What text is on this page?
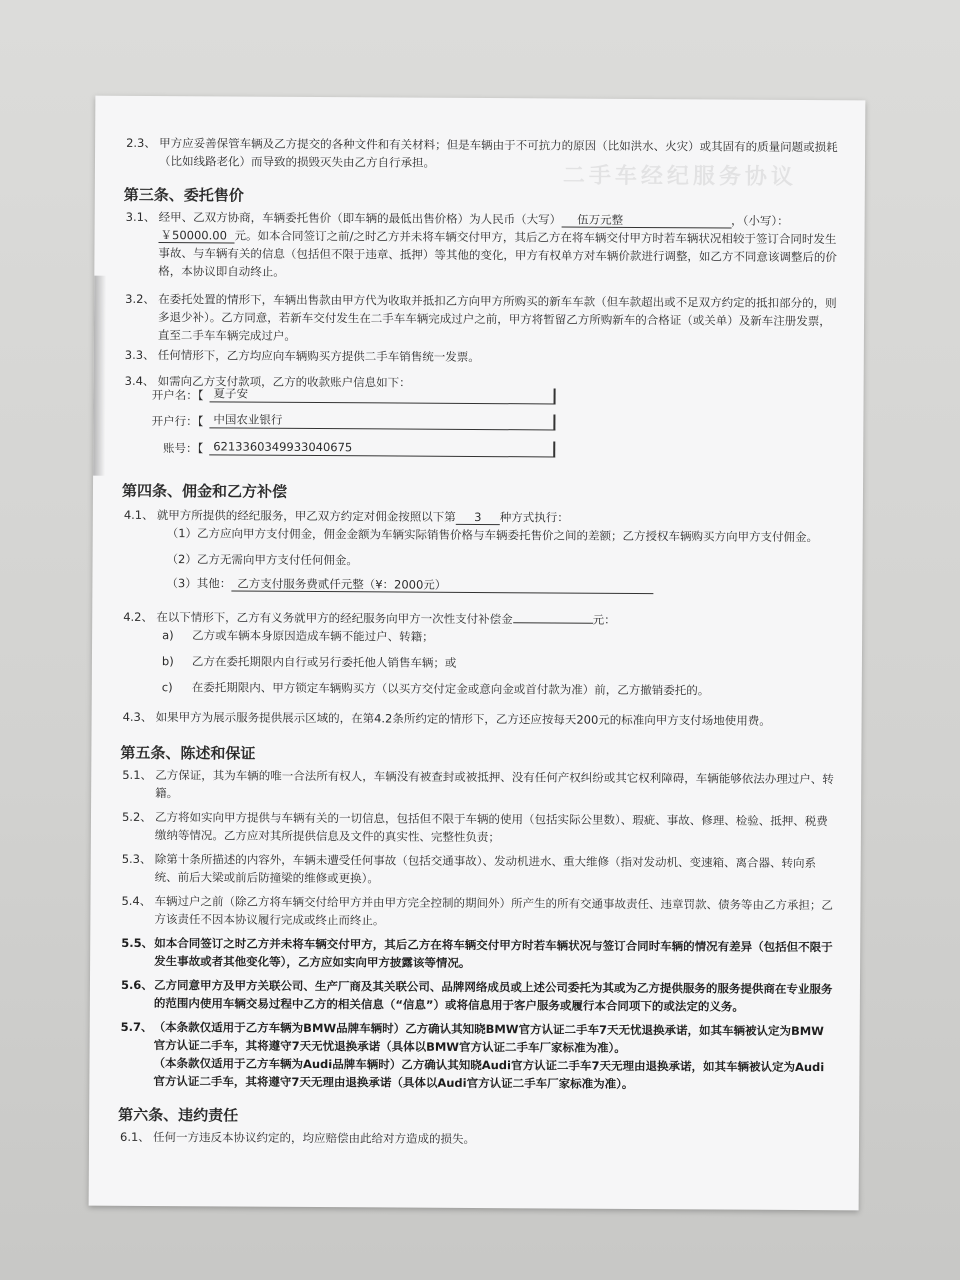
二手车经纪服务协议
2.3、 甲方应妥善保管车辆及乙方提交的各种文件和有关材料；但是车辆由于不可抗力的原因（比如洪水、火灾）或其固有的质量问题或损耗（比如线路老化）而导致的损毁灭失由乙方自行承担。
第三条、委托售价
3.1、 经甲、乙双方协商，车辆委托售价（即车辆的最低出售价格）为人民币（大写） 伍万元整	，（小写）：
￥50000.00 元。如本合同签订之前/之时乙方并未将车辆交付甲方，其后乙方在将车辆交付甲方时若车辆状况相较于签订合同时发生事故、与车辆有关的信息（包括但不限于违章、抵押）等其他的变化，甲方有权单方对车辆价款进行调整，如乙方不同意该调整后的价格，本协议即自动终止。
3.2、 在委托处置的情形下，车辆出售款由甲方代为收取并抵扣乙方向甲方所购买的新车车款（但车款超出或不足双方约定的抵扣部分的，则多退少补）。乙方同意，若新车交付发生在二手车车辆完成过户之前，甲方将暂留乙方所购新车的合格证（或关单）及新车注册发票，直至二手车车辆完成过户。
3.3、 任何情形下，乙方均应向车辆购买方提供二手车销售统一发票。
3.4、 如需向乙方支付款项，乙方的收款账户信息如下：
开户名：【 夏子安
开户行：【 中国农业银行
账号：【 6213360349933040675
第四条、佣金和乙方补偿
4.1、 就甲方所提供的经纪服务，甲乙双方约定对佣金按照以下第 3 种方式执行：
（1）乙方应向甲方支付佣金，佣金金额为车辆实际销售价格与车辆委托售价之间的差额；乙方授权车辆购买方向甲方支付佣金。
（2）乙方无需向甲方支付任何佣金。
（3）其他： 乙方支付服务费贰仟元整（¥：2000元）
4.2、 在以下情形下，乙方有义务就甲方的经纪服务向甲方一次性支付补偿金	元：
a) 乙方或车辆本身原因造成车辆不能过户、转籍；
b) 乙方在委托期限内自行或另行委托他人销售车辆；或
c) 在委托期限内、甲方锁定车辆购买方（以买方交付定金或意向金或首付款为准）前，乙方撤销委托的。
4.3、 如果甲方为展示服务提供展示区域的，在第4.2条所约定的情形下，乙方还应按每天200元的标准向甲方支付场地使用费。
第五条、陈述和保证
5.1、 乙方保证，其为车辆的唯一合法所有权人，车辆没有被查封或被抵押、没有任何产权纠纷或其它权利障碍，车辆能够依法办理过户、转籍。
5.2、 乙方将如实向甲方提供与车辆有关的一切信息，包括但不限于车辆的使用（包括实际公里数）、瑕疵、事故、修理、检验、抵押、税费缴纳等情况。乙方应对其所提供信息及文件的真实性、完整性负责；
5.3、 除第十条所描述的内容外，车辆未遭受任何事故（包括交通事故）、发动机进水、重大维修（指对发动机、变速箱、离合器、转向系统、前后大梁或前后防撞梁的维修或更换）。
5.4、 车辆过户之前（除乙方将车辆交付给甲方并由甲方完全控制的期间外）所产生的所有交通事故责任、违章罚款、债务等由乙方承担；乙方该责任不因本协议履行完成或终止而终止。
5.5、 如本合同签订之时乙方并未将车辆交付甲方，其后乙方在将车辆交付甲方时若车辆状况与签订合同时车辆的情况有差异（包括但不限于发生事故或者其他变化等），乙方应如实向甲方披露该等情况。
5.6、 乙方同意甲方及甲方关联公司、生产厂商及其关联公司、品牌网络成员或上述公司委托为其或为乙方提供服务的服务提供商在专业服务的范围内使用车辆交易过程中乙方的相关信息（“信息”）或将信息用于客户服务或履行本合同项下的或法定的义务。
5.7、 （本条款仅适用于乙方车辆为BMW品牌车辆时）乙方确认其知晓BMW官方认证二手车7天无忧退换承诺，如其车辆被认定为BMW官方认证二手车，其将遵守7天无忧退换承诺（具体以BMW官方认证二手车厂家标准为准）。
（本条款仅适用于乙方车辆为Audi品牌车辆时）乙方确认其知晓Audi官方认证二手车7天无理由退换承诺，如其车辆被认定为Audi官方认证二手车，其将遵守7天无理由退换承诺（具体以Audi官方认证二手车厂家标准为准）。
第六条、违约责任
6.1、 任何一方违反本协议约定的，均应赔偿由此给对方造成的损失。
